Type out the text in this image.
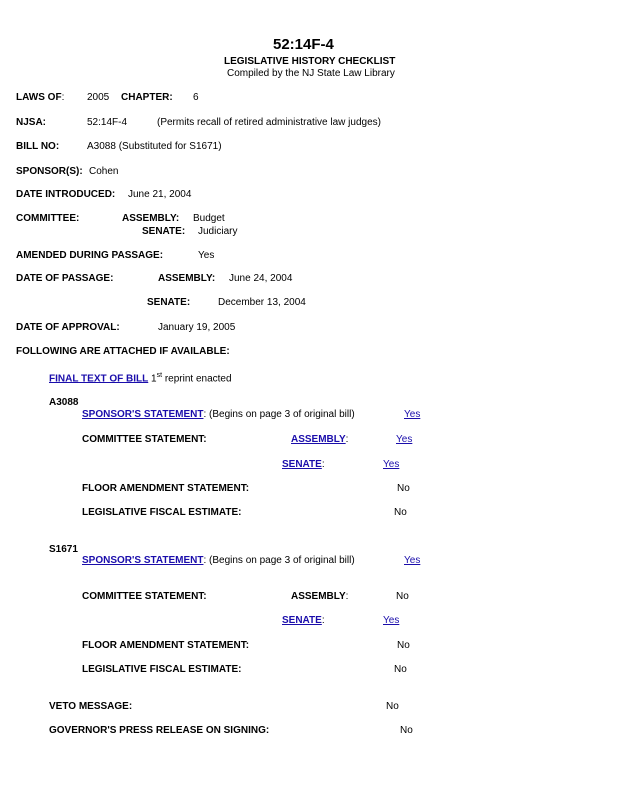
52:14F-4
LEGISLATIVE HISTORY CHECKLIST
Compiled by the NJ State Law Library
LAWS OF: 2005 CHAPTER: 6
NJSA:	52:14F-4	(Permits recall of retired administrative law judges)
BILL NO:	A3088 (Substituted for S1671)
SPONSOR(S): Cohen
DATE INTRODUCED: June 21, 2004
COMMITTEE:	ASSEMBLY: Budget
SENATE: Judiciary
AMENDED DURING PASSAGE:	Yes
DATE OF PASSAGE:	ASSEMBLY: June 24, 2004
SENATE:	December 13, 2004
DATE OF APPROVAL:	January 19, 2005
FOLLOWING ARE ATTACHED IF AVAILABLE:
FINAL TEXT OF BILL 1st reprint enacted
A3088
SPONSOR'S STATEMENT: (Begins on page 3 of original bill)	Yes
COMMITTEE STATEMENT:	ASSEMBLY:	Yes
SENATE:	Yes
FLOOR AMENDMENT STATEMENT:	No
LEGISLATIVE FISCAL ESTIMATE:	No
S1671
SPONSOR'S STATEMENT: (Begins on page 3 of original bill)	Yes
COMMITTEE STATEMENT:	ASSEMBLY:	No
SENATE:	Yes
FLOOR AMENDMENT STATEMENT:	No
LEGISLATIVE FISCAL ESTIMATE:	No
VETO MESSAGE:	No
GOVERNOR'S PRESS RELEASE ON SIGNING:	No
